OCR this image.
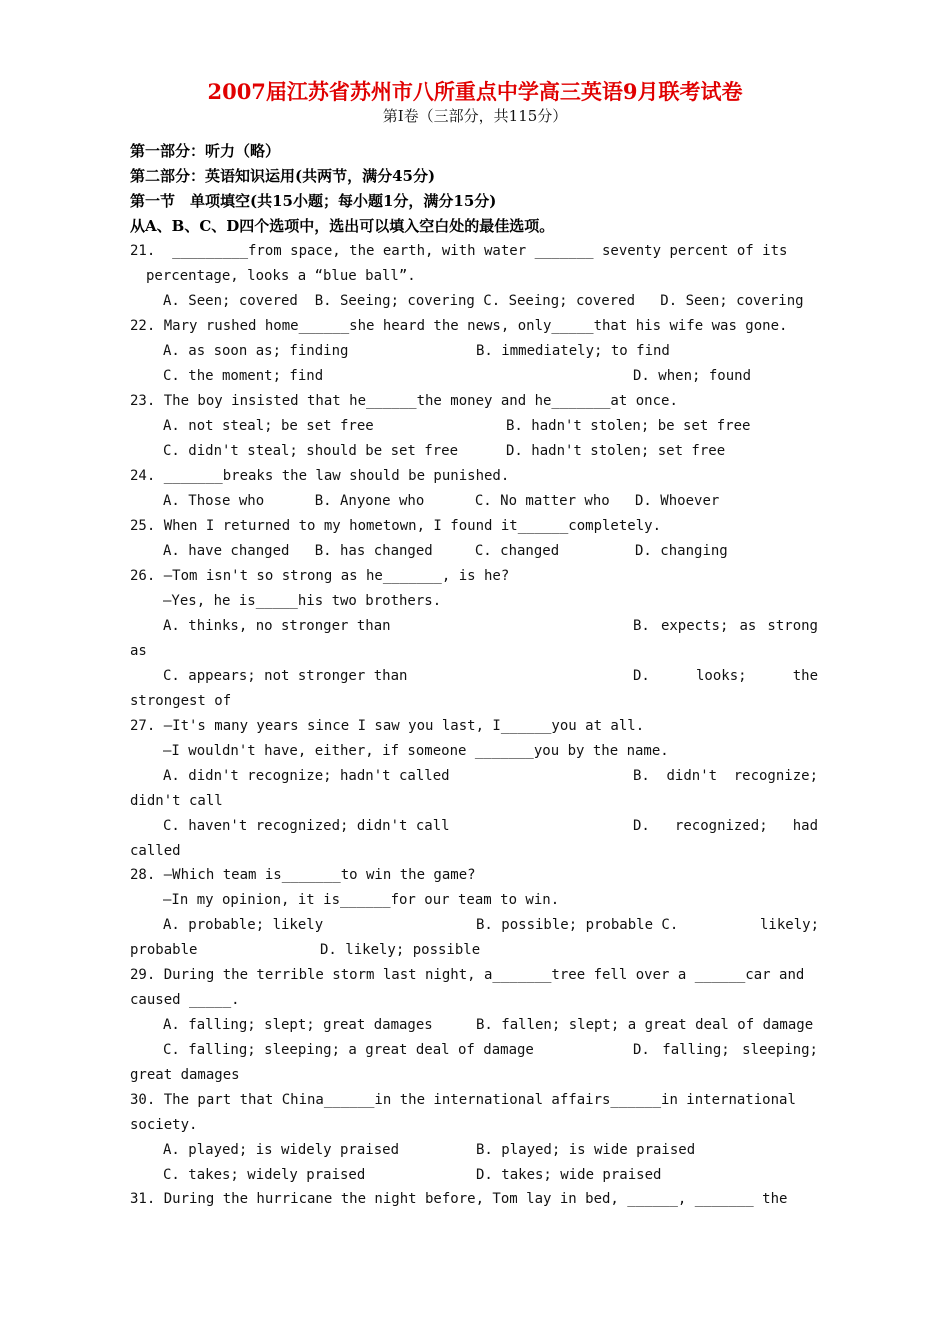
2007届江苏省苏州市八所重点中学高三英语9月联考试卷
第I卷（三部分，共115分）
第一部分：听力（略）
第二部分：英语知识运用(共两节，满分45分)
第一节　单项填空(共15小题；每小题1分，满分15分)
从A、B、C、D四个选项中，选出可以填入空白处的最佳选项。
21.  _________from space, the earth, with water _______ seventy percent of its
percentage, looks a “blue ball”.
A. Seen; covered  B. Seeing; covering C. Seeing; covered   D. Seen; covering
22. Mary rushed home______she heard the news, only_____that his wife was gone.
A. as soon as; finding	B. immediately; to find
C. the moment; find	D. when; found
23. The boy insisted that he______the money and he_______at once.
A. not steal; be set free	B. hadn't stolen; be set free
C. didn't steal; should be set free	D. hadn't stolen; set free
24. _______breaks the law should be punished.
A. Those who      B. Anyone who      C. No matter who   D. Whoever
25. When I returned to my hometown, I found it______completely.
A. have changed   B. has changed     C. changed         D. changing
26. —Tom isn't so strong as he_______, is he?
—Yes, he is_____his two brothers.
A. thinks, no stronger than	B. expects; as strong
as
C. appears; not stronger than	D. looks; the
strongest of
27. —It's many years since I saw you last, I______you at all.
—I wouldn't have, either, if someone _______you by the name.
A. didn't recognize; hadn't called	B. didn't recognize;
didn't call
C. haven't recognized; didn't call	D. recognized; had
called
28. —Which team is_______to win the game?
—In my opinion, it is______for our team to win.
A. probable; likely	B. possible; probable C.	likely;
probable	D. likely; possible
29. During the terrible storm last night, a_______tree fell over a ______car and
caused _____.
A. falling; slept; great damages	B. fallen; slept; a great deal of damage
C. falling; sleeping; a great deal of damage	D. falling; sleeping;
great damages
30. The part that China______in the international affairs______in international
society.
A. played; is widely praised	B. played; is wide praised
C. takes; widely praised	D. takes; wide praised
31. During the hurricane the night before, Tom lay in bed, ______, _______ the
